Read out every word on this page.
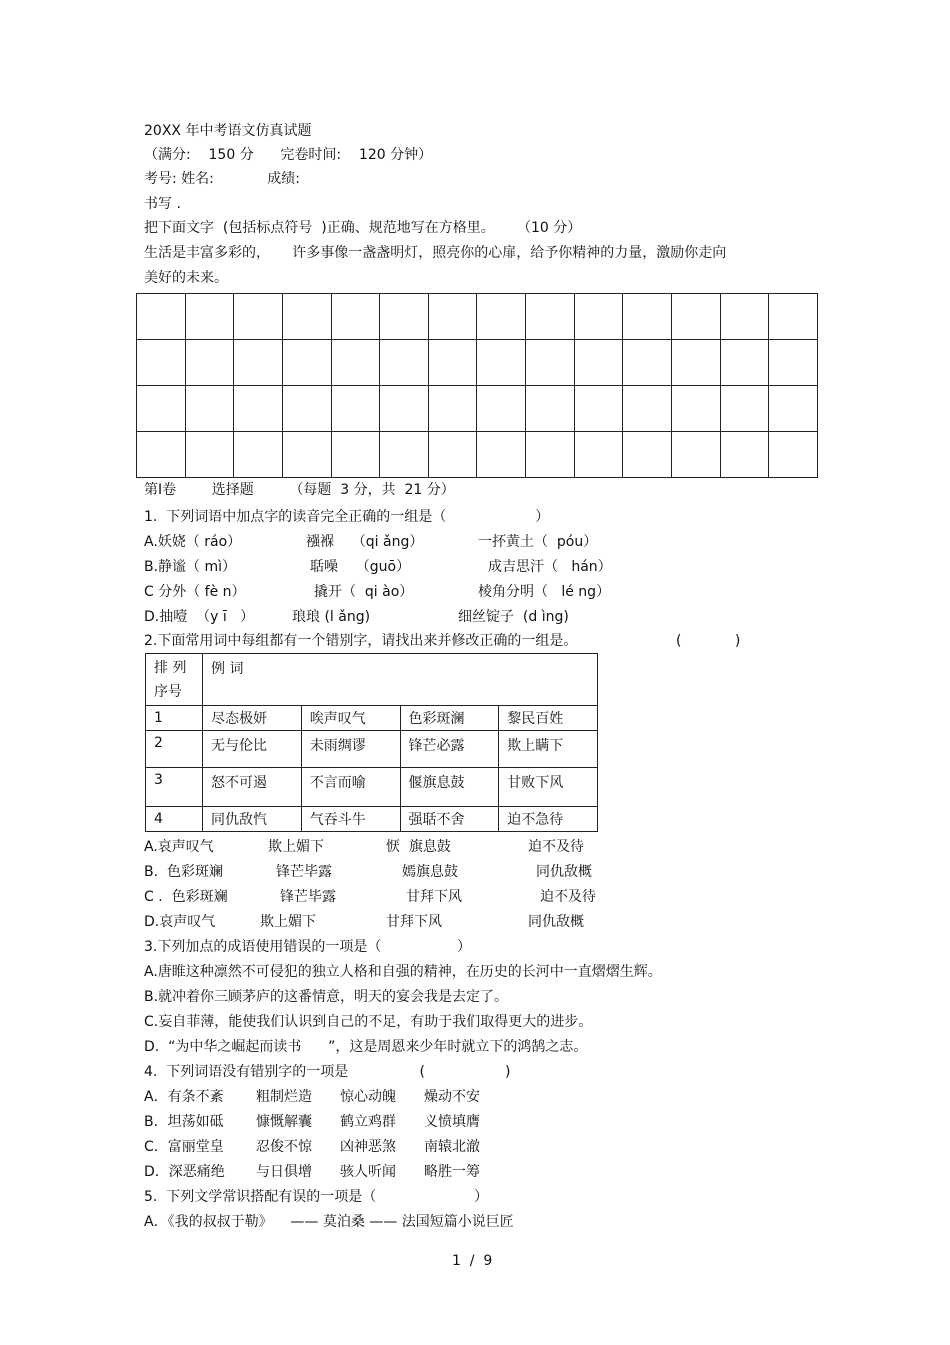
20XX 年中考语文仿真试题
（满分:    150 分      完卷时间:    120 分钟）
考号: 姓名:            成绩:
书写 .
把下面文字  (包括标点符号  )正确、规范地写在方格里。     （10 分）
生活是丰富多彩的，     许多事像一盏盏明灯，照亮你的心扉，给予你精神的力量，激励你走向
美好的未来。

第Ⅰ卷        选择题        （每题  3 分，共  21 分）
1.  下列词语中加点字的读音完全正确的一组是（                    ）
A.妖娆（ ráo）	襁褓    （qi ǎng）	一抔黄土（  póu）
B.静谧（ mì）	聒噪    （guō）	成吉思汗（   hán）
C 分外（ fè n）	撬开（  qi ào）	棱角分明（   lé ng）
D.抽噎  （y ī   ）	琅琅 (l ǎng)	细丝锭子  (d ìng)
2.下面常用词中每组都有一个错别字，请找出来并修改正确的一组是。	(            )
排 列
序号	例 词			
1	尽态极妍	唉声叹气	色彩斑澜	黎民百姓
2	无与伦比	未雨绸谬	锋芒必露	欺上瞒下
3	怒不可遏	不言而喻	偃旗息鼓	甘败下风
4	同仇敌忾	气吞斗牛	强聒不舍	迫不急待
A.哀声叹气	欺上媚下	恹  旗息鼓	迫不及待
B.  色彩斑斓	锋芒毕露	嫣旗息鼓	同仇敌概
C .  色彩斑斓	锋芒毕露	甘拜下风	迫不及待
D.哀声叹气	欺上媚下	甘拜下风	同仇敌概
3.下列加点的成语使用错误的一项是（                 ）
A.唐睢这种凛然不可侵犯的独立人格和自强的精神，在历史的长河中一直熠熠生辉。
B.就冲着你三顾茅庐的这番情意，明天的宴会我是去定了。
C.妄自菲薄，能使我们认识到自己的不足，有助于我们取得更大的进步。
D.  “为中华之崛起而读书      ”，这是周恩来少年时就立下的鸿鹄之志。
4.  下列词语没有错别字的一项是                (                  )
A．有条不紊 粗制烂造 惊心动魄 燥动不安
B．坦荡如砥 慷慨解囊 鹤立鸡群 义愤填膺
C．富丽堂皇 忍俊不惊 凶神恶煞 南辕北澈
D．深恶痛绝 与日俱增 骇人听闻 略胜一筹
5.  下列文学常识搭配有误的一项是（                      ）
A．《我的叔叔于勒》    —— 莫泊桑 —— 法国短篇小说巨匠
1  /  9
